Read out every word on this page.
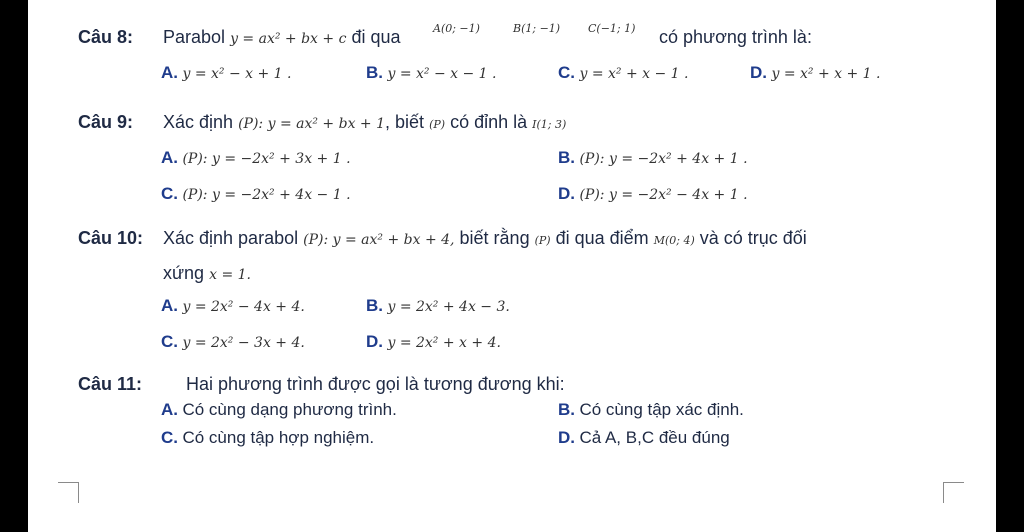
Câu 8: Parabol y = ax² + bx + c đi qua	A(0; −1)	B(1; −1)	C(−1; 1) có phương trình là:
A. y = x² − x + 1 .	B. y = x² − x − 1 .	C. y = x² + x − 1 .	D. y = x² + x + 1 .
Câu 9: Xác định (P): y = ax² + bx + 1, biết (P) có đỉnh là I(1; 3)
A. (P): y = −2x² + 3x + 1 .	B. (P): y = −2x² + 4x + 1 .
C. (P): y = −2x² + 4x − 1 .	D. (P): y = −2x² − 4x + 1 .
Câu 10: Xác định parabol (P): y = ax² + bx + 4, biết rằng (P) đi qua điểm M(0; 4) và có trục đối
xứng x = 1.
A. y = 2x² − 4x + 4.	B. y = 2x² + 4x − 3.
C. y = 2x² − 3x + 4.	D. y = 2x² + x + 4.
Câu 11: Hai phương trình được gọi là tương đương khi:
A. Có cùng dạng phương trình.	B. Có cùng tập xác định.
C. Có cùng tập hợp nghiệm.	D. Cả A, B,C đều đúng
